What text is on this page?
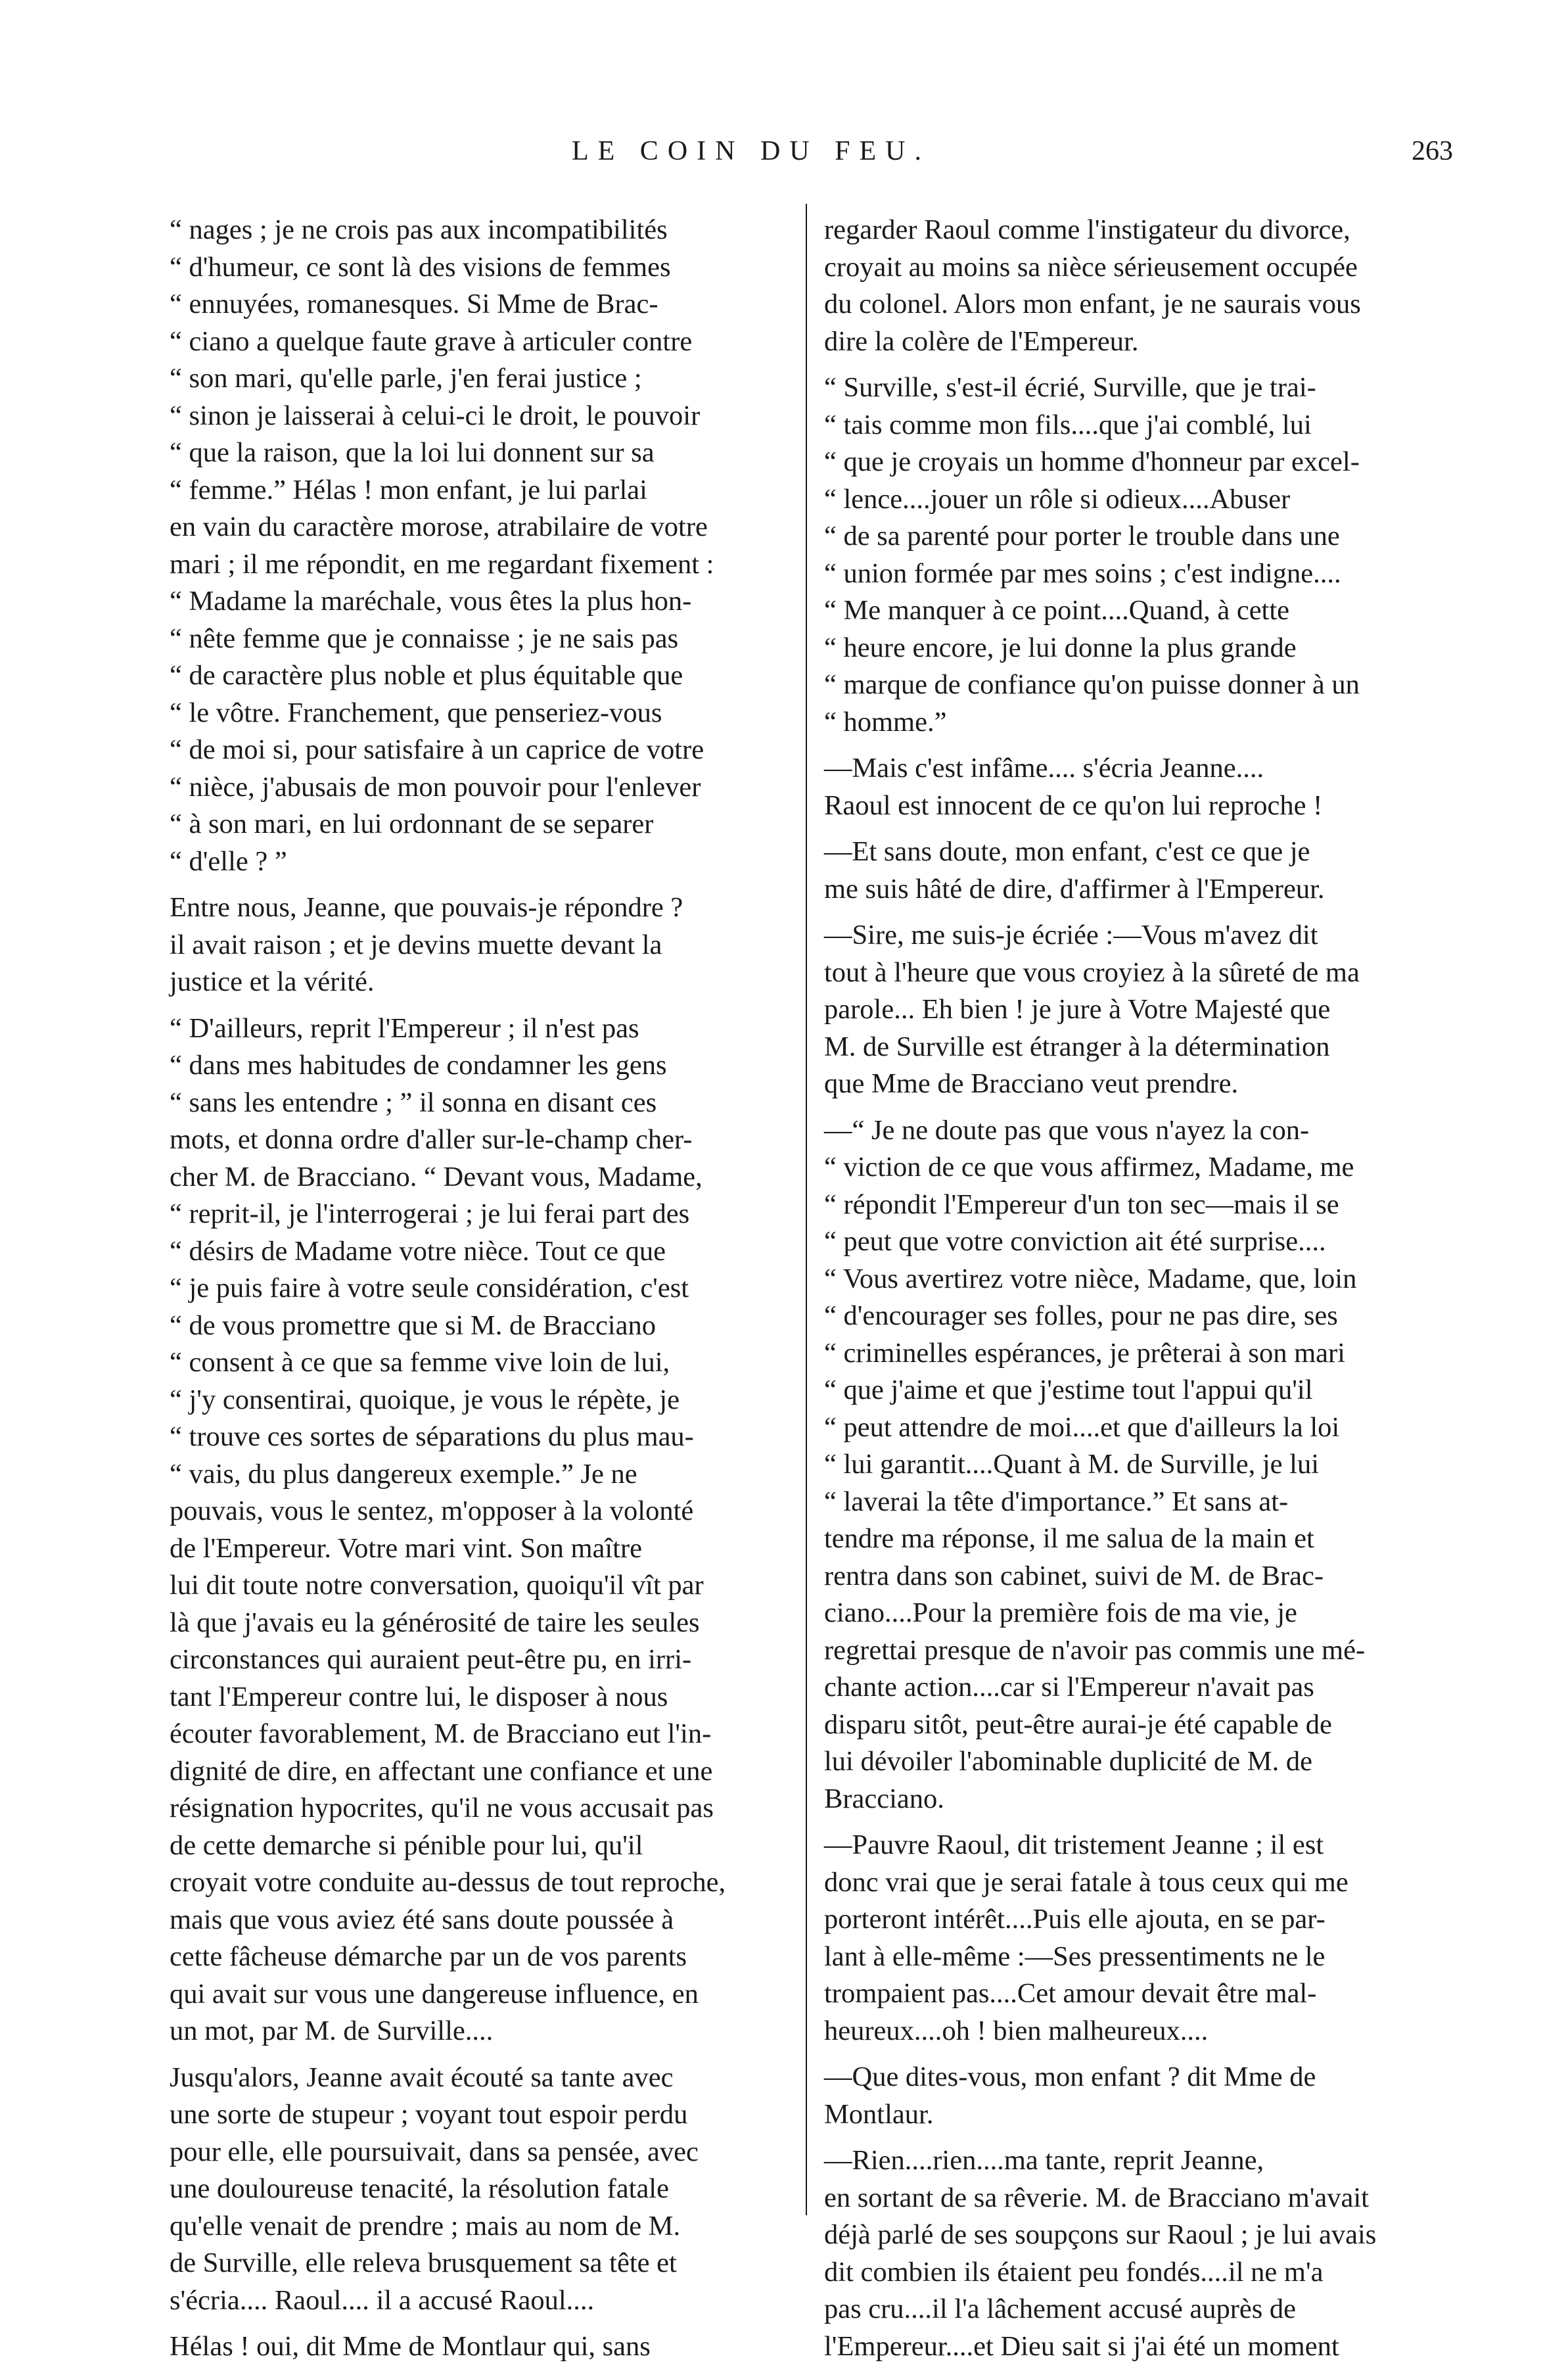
LE COIN DU FEU.	263
“ nages ; je ne crois pas aux incompatibilités
“ d'humeur, ce sont là des visions de femmes
“ ennuyées, romanesques. Si Mme de Brac-
“ ciano a quelque faute grave à articuler contre
“ son mari, qu'elle parle, j'en ferai justice ;
“ sinon je laisserai à celui-ci le droit, le pouvoir
“ que la raison, que la loi lui donnent sur sa
“ femme.” Hélas ! mon enfant, je lui parlai
en vain du caractère morose, atrabilaire de votre
mari ; il me répondit, en me regardant fixement :
“ Madame la maréchale, vous êtes la plus hon-
“ nête femme que je connaisse ; je ne sais pas
“ de caractère plus noble et plus équitable que
“ le vôtre. Franchement, que penseriez-vous
“ de moi si, pour satisfaire à un caprice de votre
“ nièce, j'abusais de mon pouvoir pour l'enlever
“ à son mari, en lui ordonnant de se separer
“ d'elle ? ”
Entre nous, Jeanne, que pouvais-je répondre ?
il avait raison ; et je devins muette devant la
justice et la vérité.
“ D'ailleurs, reprit l'Empereur ; il n'est pas
“ dans mes habitudes de condamner les gens
“ sans les entendre ; ” il sonna en disant ces
mots, et donna ordre d'aller sur-le-champ cher-
cher M. de Bracciano. “ Devant vous, Madame,
“ reprit-il, je l'interrogerai ; je lui ferai part des
“ désirs de Madame votre nièce. Tout ce que
“ je puis faire à votre seule considération, c'est
“ de vous promettre que si M. de Bracciano
“ consent à ce que sa femme vive loin de lui,
“ j'y consentirai, quoique, je vous le répète, je
“ trouve ces sortes de séparations du plus mau-
“ vais, du plus dangereux exemple.” Je ne
pouvais, vous le sentez, m'opposer à la volonté
de l'Empereur. Votre mari vint. Son maître
lui dit toute notre conversation, quoiqu'il vît par
là que j'avais eu la générosité de taire les seules
circonstances qui auraient peut-être pu, en irri-
tant l'Empereur contre lui, le disposer à nous
écouter favorablement, M. de Bracciano eut l'in-
dignité de dire, en affectant une confiance et une
résignation hypocrites, qu'il ne vous accusait pas
de cette demarche si pénible pour lui, qu'il
croyait votre conduite au-dessus de tout reproche,
mais que vous aviez été sans doute poussée à
cette fâcheuse démarche par un de vos parents
qui avait sur vous une dangereuse influence, en
un mot, par M. de Surville....
Jusqu'alors, Jeanne avait écouté sa tante avec
une sorte de stupeur ; voyant tout espoir perdu
pour elle, elle poursuivait, dans sa pensée, avec
une douloureuse tenacité, la résolution fatale
qu'elle venait de prendre ; mais au nom de M.
de Surville, elle releva brusquement sa tête et
s'écria.... Raoul.... il a accusé Raoul....
Hélas ! oui, dit Mme de Montlaur qui, sans
regarder Raoul comme l'instigateur du divorce,
croyait au moins sa nièce sérieusement occupée
du colonel. Alors mon enfant, je ne saurais vous
dire la colère de l'Empereur.
“ Surville, s'est-il écrié, Surville, que je trai-
“ tais comme mon fils....que j'ai comblé, lui
“ que je croyais un homme d'honneur par excel-
“ lence....jouer un rôle si odieux....Abuser
“ de sa parenté pour porter le trouble dans une
“ union formée par mes soins ; c'est indigne....
“ Me manquer à ce point....Quand, à cette
“ heure encore, je lui donne la plus grande
“ marque de confiance qu'on puisse donner à un
“ homme.”
—Mais c'est infâme.... s'écria Jeanne....
Raoul est innocent de ce qu'on lui reproche !
—Et sans doute, mon enfant, c'est ce que je
me suis hâté de dire, d'affirmer à l'Empereur.
—Sire, me suis-je écriée :—Vous m'avez dit
tout à l'heure que vous croyiez à la sûreté de ma
parole... Eh bien ! je jure à Votre Majesté que
M. de Surville est étranger à la détermination
que Mme de Bracciano veut prendre.
—“ Je ne doute pas que vous n'ayez la con-
“ viction de ce que vous affirmez, Madame, me
“ répondit l'Empereur d'un ton sec—mais il se
“ peut que votre conviction ait été surprise....
“ Vous avertirez votre nièce, Madame, que, loin
“ d'encourager ses folles, pour ne pas dire, ses
“ criminelles espérances, je prêterai à son mari
“ que j'aime et que j'estime tout l'appui qu'il
“ peut attendre de moi....et que d'ailleurs la loi
“ lui garantit....Quant à M. de Surville, je lui
“ laverai la tête d'importance.” Et sans at-
tendre ma réponse, il me salua de la main et
rentra dans son cabinet, suivi de M. de Brac-
ciano....Pour la première fois de ma vie, je
regrettai presque de n'avoir pas commis une mé-
chante action....car si l'Empereur n'avait pas
disparu sitôt, peut-être aurai-je été capable de
lui dévoiler l'abominable duplicité de M. de
Bracciano.
—Pauvre Raoul, dit tristement Jeanne ; il est
donc vrai que je serai fatale à tous ceux qui me
porteront intérêt....Puis elle ajouta, en se par-
lant à elle-même :—Ses pressentiments ne le
trompaient pas....Cet amour devait être mal-
heureux....oh ! bien malheureux....
—Que dites-vous, mon enfant ? dit Mme de
Montlaur.
—Rien....rien....ma tante, reprit Jeanne,
en sortant de sa rêverie. M. de Bracciano m'avait
déjà parlé de ses soupçons sur Raoul ; je lui avais
dit combien ils étaient peu fondés....il ne m'a
pas cru....il l'a lâchement accusé auprès de
l'Empereur....et Dieu sait si j'ai été un moment
